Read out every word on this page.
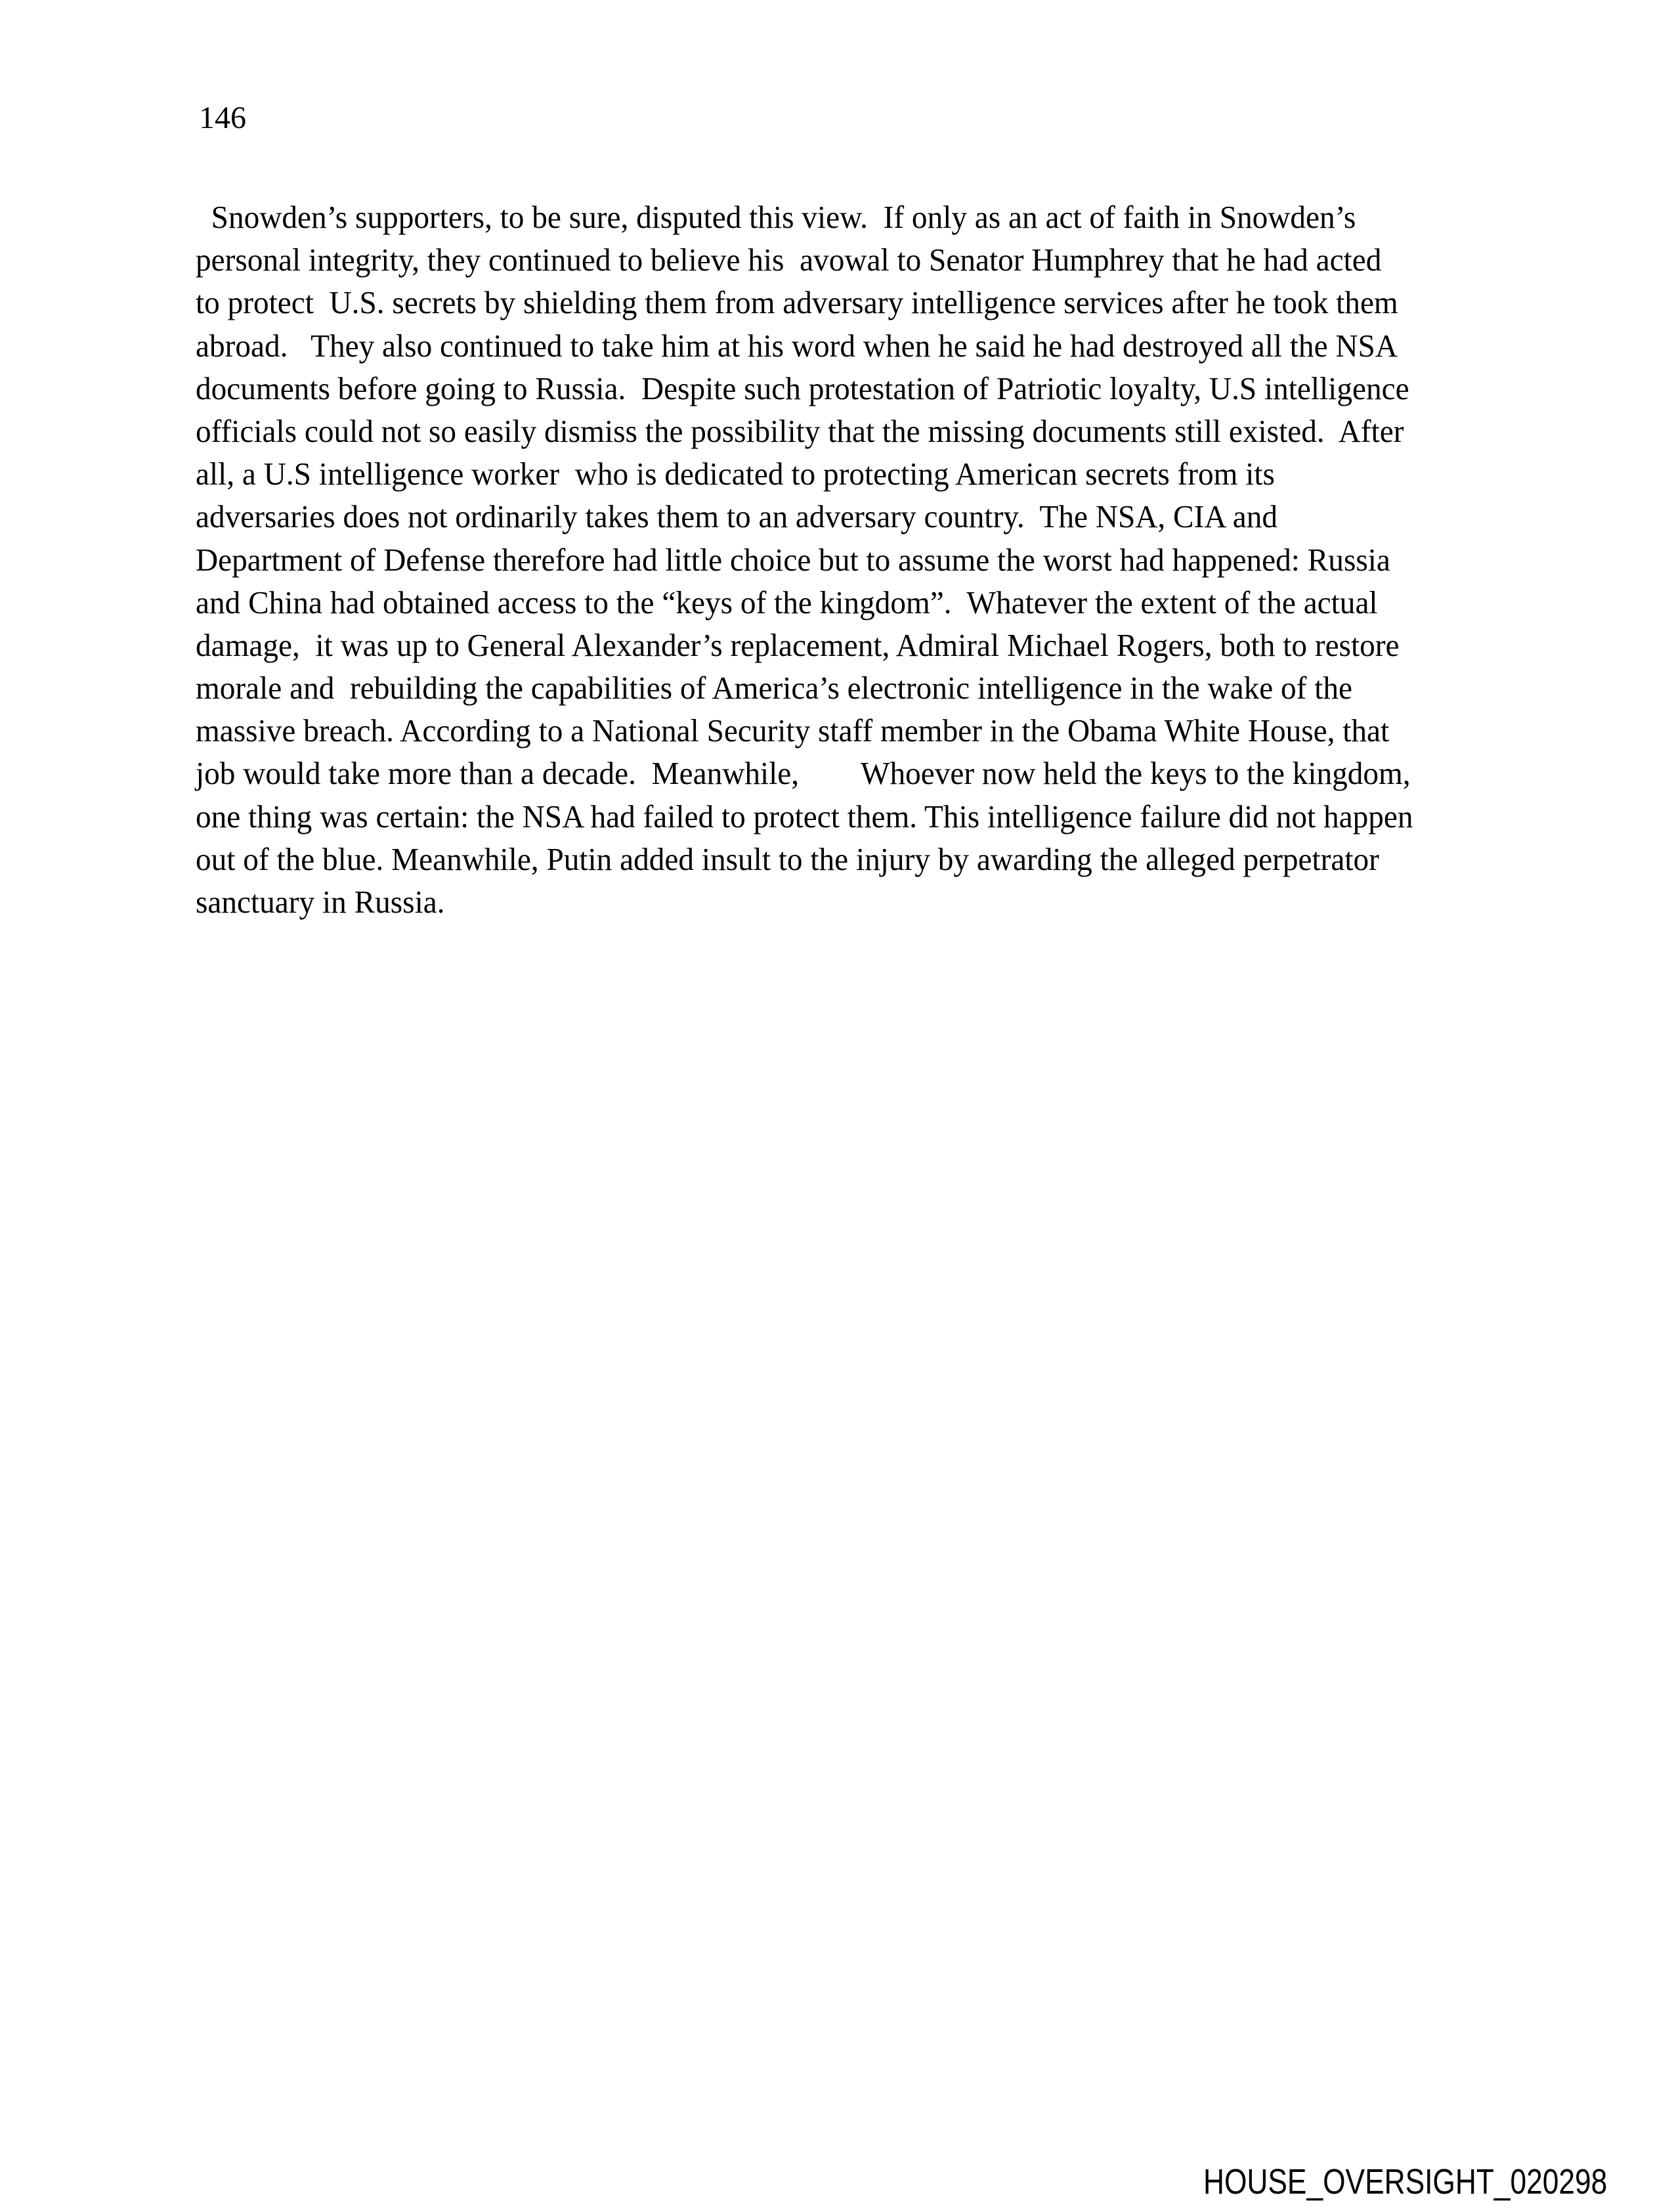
146
Snowden’s supporters, to be sure, disputed this view.  If only as an act of faith in Snowden’s
personal integrity, they continued to believe his  avowal to Senator Humphrey that he had acted
to protect  U.S. secrets by shielding them from adversary intelligence services after he took them
abroad.   They also continued to take him at his word when he said he had destroyed all the NSA
documents before going to Russia.  Despite such protestation of Patriotic loyalty, U.S intelligence
officials could not so easily dismiss the possibility that the missing documents still existed.  After
all, a U.S intelligence worker  who is dedicated to protecting American secrets from its
adversaries does not ordinarily takes them to an adversary country.  The NSA, CIA and
Department of Defense therefore had little choice but to assume the worst had happened: Russia
and China had obtained access to the “keys of the kingdom”.  Whatever the extent of the actual
damage,  it was up to General Alexander’s replacement, Admiral Michael Rogers, both to restore
morale and  rebuilding the capabilities of America’s electronic intelligence in the wake of the
massive breach. According to a National Security staff member in the Obama White House, that
job would take more than a decade.  Meanwhile,        Whoever now held the keys to the kingdom,
one thing was certain: the NSA had failed to protect them. This intelligence failure did not happen
out of the blue. Meanwhile, Putin added insult to the injury by awarding the alleged perpetrator
sanctuary in Russia.
HOUSE_OVERSIGHT_020298
